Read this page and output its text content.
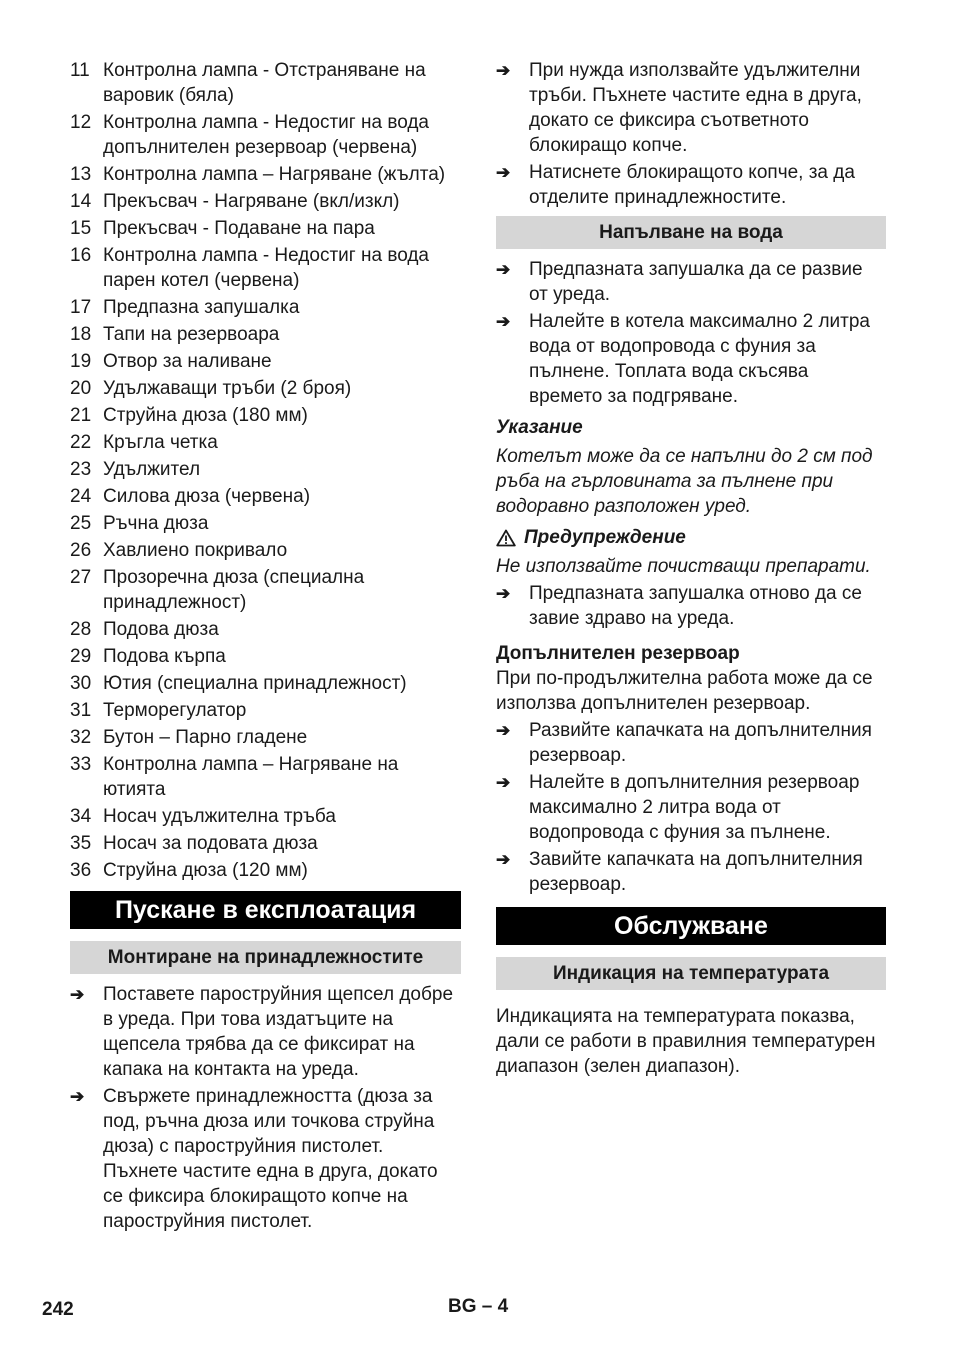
11 Контролна лампа - Отстраняване на варовик (бяла)
12 Контролна лампа - Недостиг на вода допълнителен резервоар (червена)
13 Контролна лампа – Нагряване (жълта)
14 Прекъсвач - Нагряване (вкл/изкл)
15 Прекъсвач - Подаване на пара
16 Контролна лампа - Недостиг на вода парен котел (червена)
17 Предпазна запушалка
18 Тапи на резервоара
19 Отвор за наливане
20 Удължаващи тръби (2 броя)
21 Струйна дюза (180 мм)
22 Кръгла четка
23 Удължител
24 Силова дюза (червена)
25 Ръчна дюза
26 Хавлиено покривало
27 Прозоречна дюза (специална принадлежност)
28 Подова дюза
29 Подова кърпа
30 Ютия (специална принадлежност)
31 Терморегулатор
32 Бутон – Парно гладене
33 Контролна лампа – Нагряване на ютията
34 Носач удължителна тръба
35 Носач за подовата дюза
36 Струйна дюза (120 мм)
Пускане в експлоатация
Монтиране на принадлежностите
➔ Поставете пароструйния щепсел добре в уреда. При това издатъците на щепсела трябва да се фиксират на капака на контакта на уреда.
➔ Свържете принадлежността (дюза за под, ръчна дюза или точкова струйна дюза) с пароструйния пистолет. Пъхнете частите една в друга, докато се фиксира блокиращото копче на пароструйния пистолет.
➔ При нужда използвайте удължителни тръби. Пъхнете частите една в друга, докато се фиксира съответното блокиращо копче.
➔ Натиснете блокиращото копче, за да отделите принадлежностите.
Напълване на вода
➔ Предпазната запушалка да се развие от уреда.
➔ Налейте в котела максимално 2 литра вода от водопровода с фуния за пълнене. Топлата вода скъсява времето за подгряване.
Указание
Котелът може да се напълни до 2 см под ръба на гърловината за пълнене при водоравно разположен уред.
Предупреждение
Не използвайте почистващи препарати.
➔ Предпазната запушалка отново да се завие здраво на уреда.
Допълнителен резервоар
При по-продължителна работа може да се използва допълнителен резервоар.
➔ Развийте капачката на допълнителния резервоар.
➔ Налейте в допълнителния резервоар максимално 2 литра вода от водопровода с фуния за пълнене.
➔ Завийте капачката на допълнителния резервоар.
Обслужване
Индикация на температурата
Индикацията на температурата показва, дали се работи в правилния температурен диапазон (зелен диапазон).
242	BG – 4
